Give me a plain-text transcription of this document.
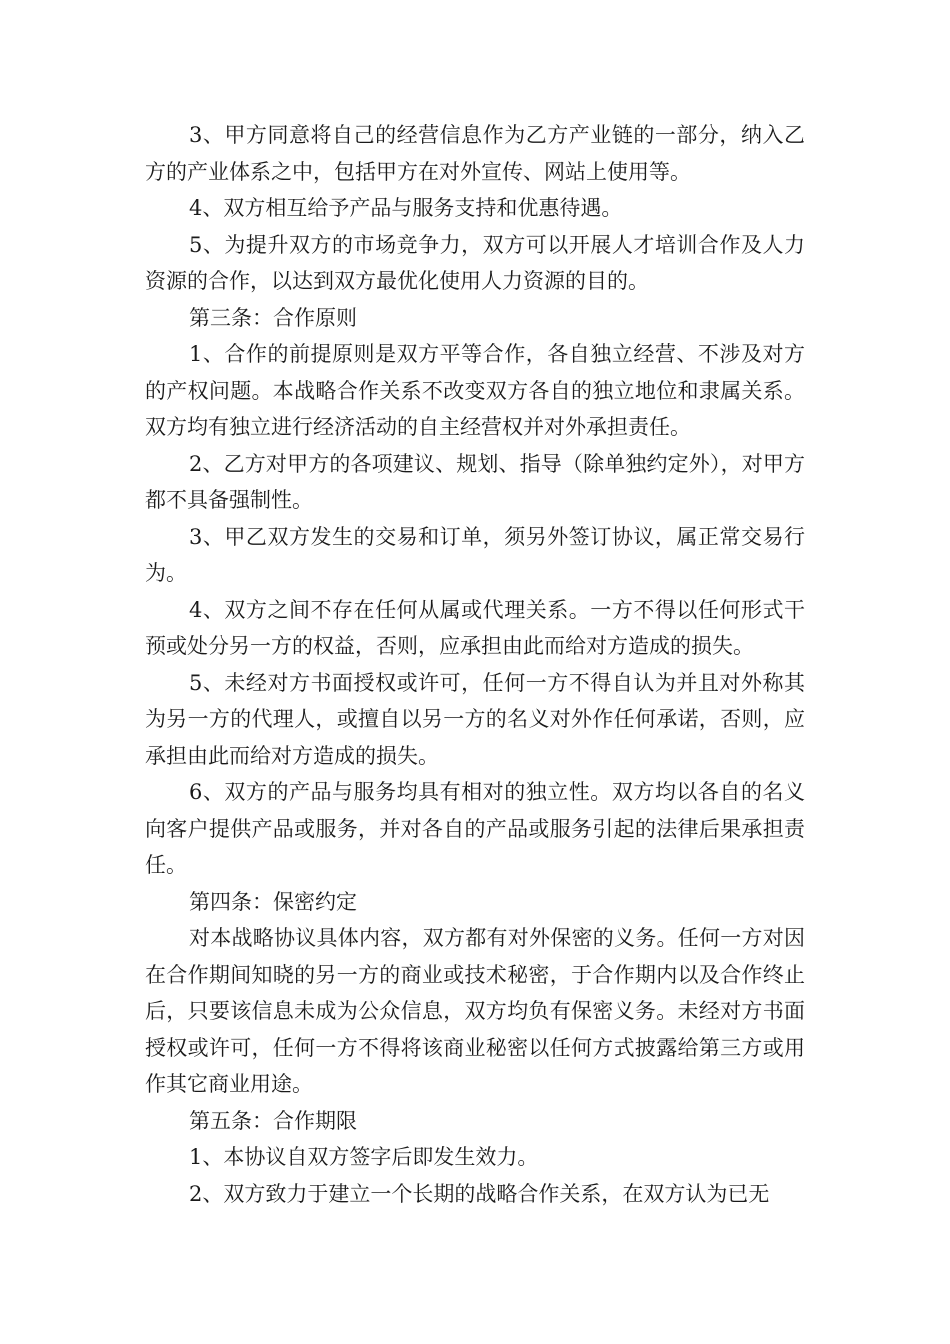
3、甲方同意将自己的经营信息作为乙方产业链的一部分，纳入乙方的产业体系之中，包括甲方在对外宣传、网站上使用等。

4、双方相互给予产品与服务支持和优惠待遇。

5、为提升双方的市场竞争力，双方可以开展人才培训合作及人力资源的合作，以达到双方最优化使用人力资源的目的。

第三条：合作原则

1、合作的前提原则是双方平等合作，各自独立经营、不涉及对方的产权问题。本战略合作关系不改变双方各自的独立地位和隶属关系。双方均有独立进行经济活动的自主经营权并对外承担责任。

2、乙方对甲方的各项建议、规划、指导（除单独约定外），对甲方都不具备强制性。

3、甲乙双方发生的交易和订单，须另外签订协议，属正常交易行为。

4、双方之间不存在任何从属或代理关系。一方不得以任何形式干预或处分另一方的权益，否则，应承担由此而给对方造成的损失。

5、未经对方书面授权或许可，任何一方不得自认为并且对外称其为另一方的代理人，或擅自以另一方的名义对外作任何承诺，否则，应承担由此而给对方造成的损失。

6、双方的产品与服务均具有相对的独立性。双方均以各自的名义向客户提供产品或服务，并对各自的产品或服务引起的法律后果承担责任。

第四条：保密约定

对本战略协议具体内容，双方都有对外保密的义务。任何一方对因在合作期间知晓的另一方的商业或技术秘密，于合作期内以及合作终止后，只要该信息未成为公众信息，双方均负有保密义务。未经对方书面授权或许可，任何一方不得将该商业秘密以任何方式披露给第三方或用作其它商业用途。

第五条：合作期限

1、本协议自双方签字后即发生效力。

2、双方致力于建立一个长期的战略合作关系，在双方认为已无
